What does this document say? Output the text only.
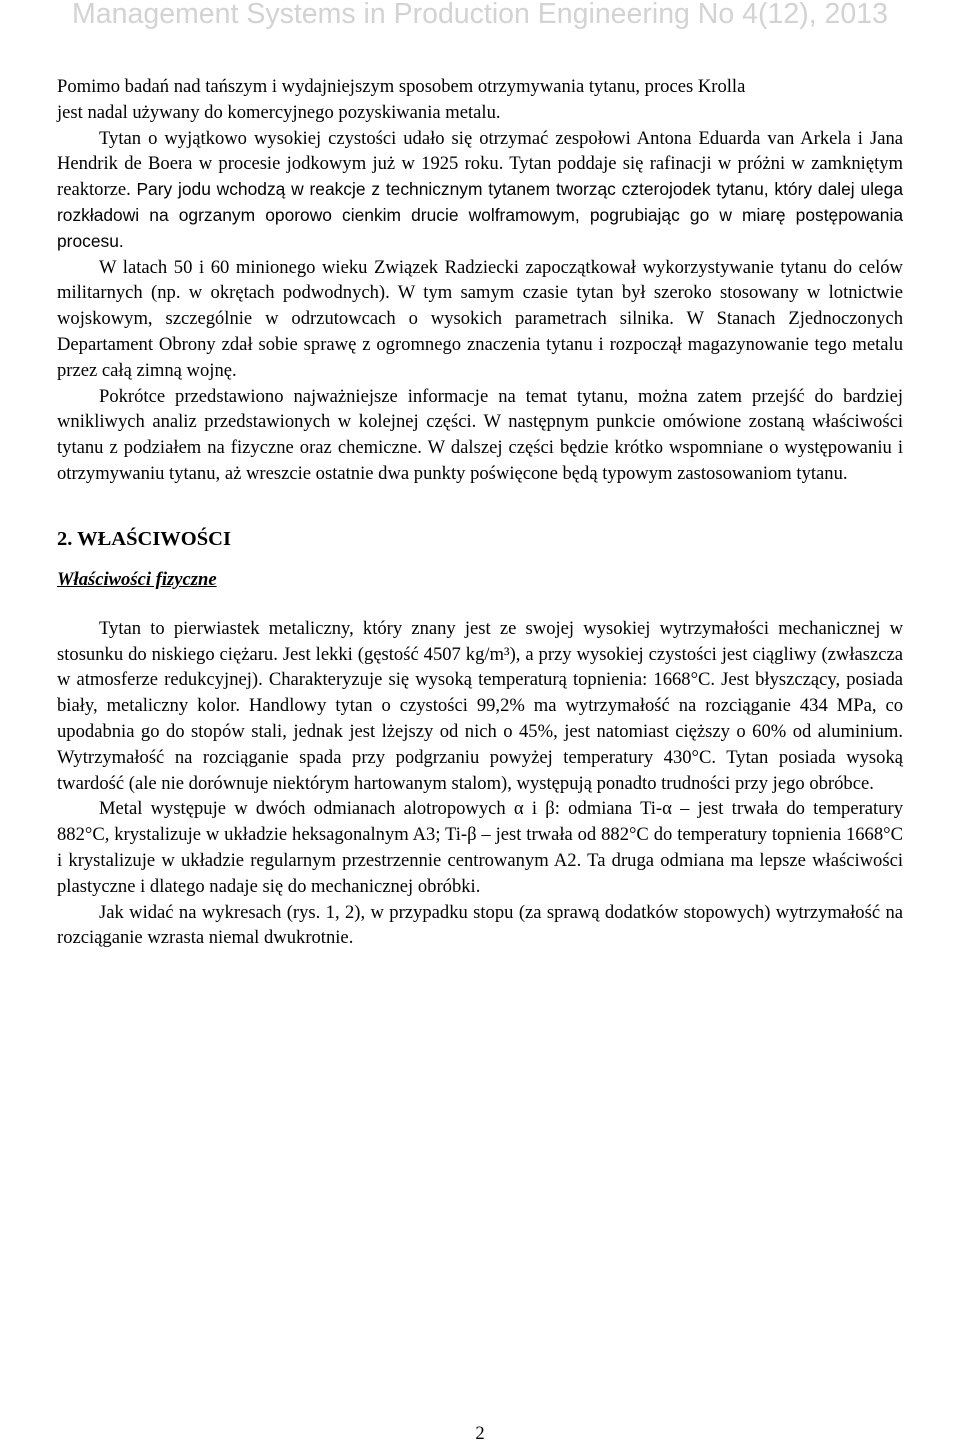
Management Systems in Production Engineering No 4(12), 2013

Pomimo badań nad tańszym i wydajniejszym sposobem otrzymywania tytanu, proces Krolla
jest nadal używany do komercyjnego pozyskiwania metalu.

Tytan o wyjątkowo wysokiej czystości udało się otrzymać zespołowi Antona Eduarda van Arkela i Jana Hendrik de Boera w procesie jodkowym już w 1925 roku. Tytan poddaje się rafinacji w próżni w zamkniętym reaktorze. Pary jodu wchodzą w reakcje z technicznym tytanem tworząc czterojodek tytanu, który dalej ulega rozkładowi na ogrzanym oporowo cienkim drucie wolframowym, pogrubiając go w miarę postępowania procesu.

W latach 50 i 60 minionego wieku Związek Radziecki zapoczątkował wykorzystywanie tytanu do celów militarnych (np. w okrętach podwodnych). W tym samym czasie tytan był szeroko stosowany w lotnictwie wojskowym, szczególnie w odrzutowcach o wysokich parametrach silnika. W Stanach Zjednoczonych Departament Obrony zdał sobie sprawę z ogromnego znaczenia tytanu i rozpoczął magazynowanie tego metalu przez całą zimną wojnę.

Pokrótce przedstawiono najważniejsze informacje na temat tytanu, można zatem przejść do bardziej wnikliwych analiz przedstawionych w kolejnej części. W następnym punkcie omówione zostaną właściwości tytanu z podziałem na fizyczne oraz chemiczne. W dalszej części będzie krótko wspomniane o występowaniu i otrzymywaniu tytanu, aż wreszcie ostatnie dwa punkty poświęcone będą typowym zastosowaniom tytanu.

2. WŁAŚCIWOŚCI
Właściwości fizyczne

Tytan to pierwiastek metaliczny, który znany jest ze swojej wysokiej wytrzymałości mechanicznej w stosunku do niskiego ciężaru. Jest lekki (gęstość 4507 kg/m³), a przy wysokiej czystości jest ciągliwy (zwłaszcza w atmosferze redukcyjnej). Charakteryzuje się wysoką temperaturą topnienia: 1668°C. Jest błyszczący, posiada biały, metaliczny kolor. Handlowy tytan o czystości 99,2% ma wytrzymałość na rozciąganie 434 MPa, co upodabnia go do stopów stali, jednak jest lżejszy od nich o 45%, jest natomiast cięższy o 60% od aluminium. Wytrzymałość na rozciąganie spada przy podgrzaniu powyżej temperatury 430°C. Tytan posiada wysoką twardość (ale nie dorównuje niektórym hartowanym stalom), występują ponadto trudności przy jego obróbce.

Metal występuje w dwóch odmianach alotropowych α i β: odmiana Ti-α – jest trwała do temperatury 882°C, krystalizuje w układzie heksagonalnym A3; Ti-β – jest trwała od 882°C do temperatury topnienia 1668°C i krystalizuje w układzie regularnym przestrzennie centrowanym A2. Ta druga odmiana ma lepsze właściwości plastyczne i dlatego nadaje się do mechanicznej obróbki.

Jak widać na wykresach (rys. 1, 2), w przypadku stopu (za sprawą dodatków stopowych) wytrzymałość na rozciąganie wzrasta niemal dwukrotnie.

2
